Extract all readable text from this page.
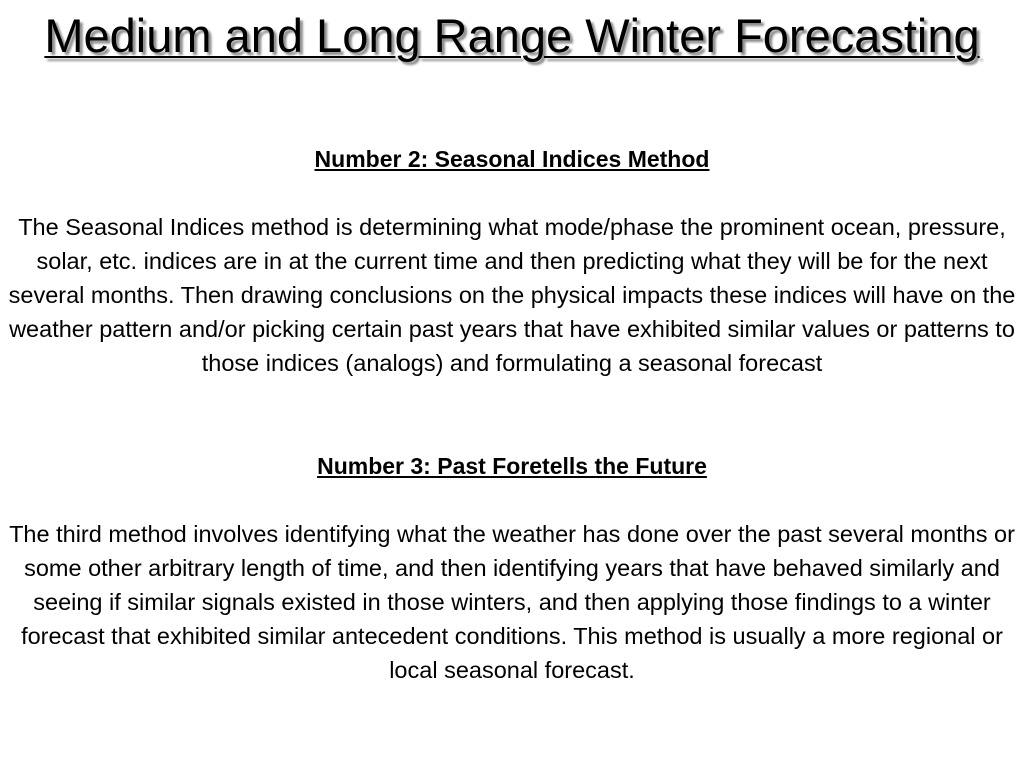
Medium and Long Range Winter Forecasting
Number 2: Seasonal Indices Method

The Seasonal Indices method is determining what mode/phase the prominent ocean, pressure, solar, etc. indices are in at the current time and then predicting what they will be for the next several months. Then drawing conclusions on the physical impacts these indices will have on the weather pattern and/or picking certain past years that have exhibited similar values or patterns to those indices (analogs) and formulating a seasonal forecast

Number 3: Past Foretells the Future

The third method involves identifying what the weather has done over the past several months or some other arbitrary length of time, and then identifying years that have behaved similarly and seeing if similar signals existed in those winters, and then applying those findings to a winter forecast that exhibited similar antecedent conditions. This method is usually a more regional or local seasonal forecast.
